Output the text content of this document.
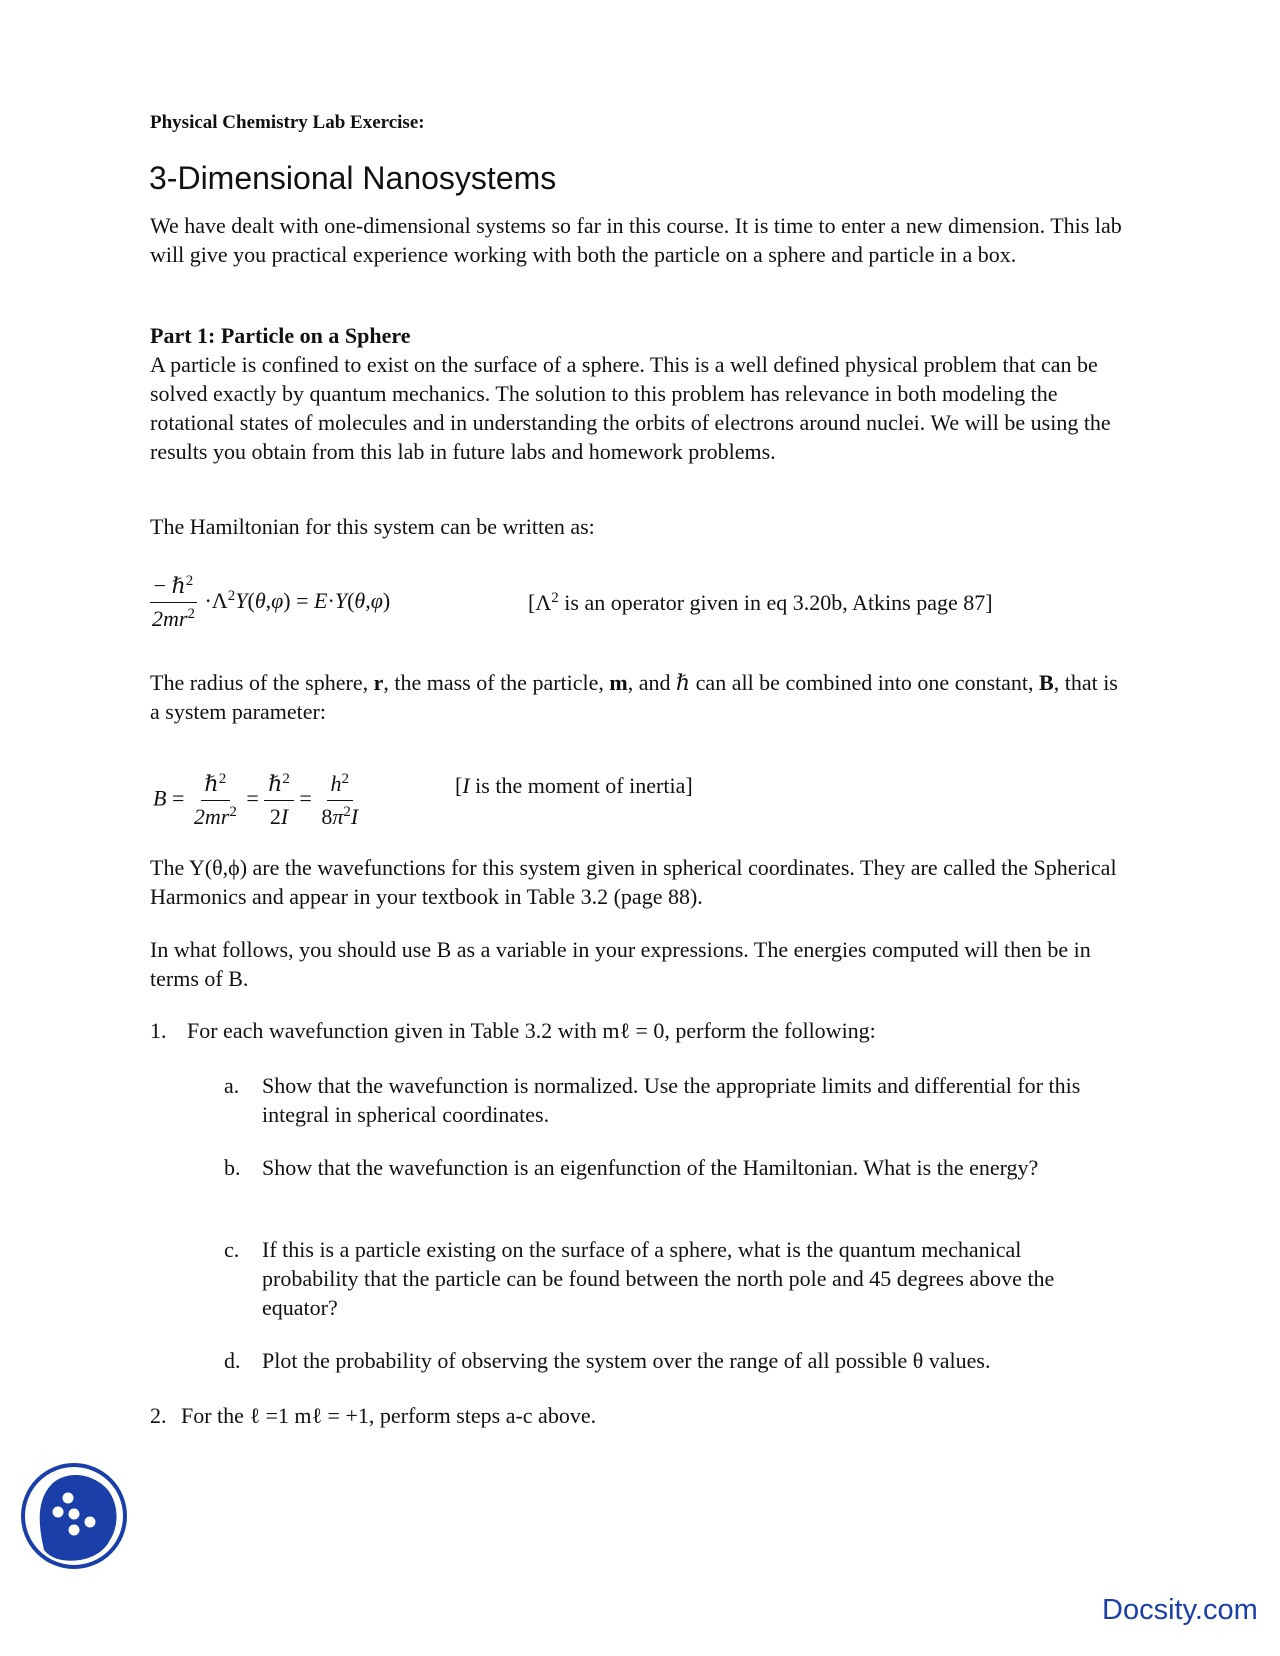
Physical Chemistry Lab Exercise:
3-Dimensional Nanosystems

We have dealt with one-dimensional systems so far in this course. It is time to enter a new dimension. This lab will give you practical experience working with both the particle on a sphere and particle in a box.

Part 1: Particle on a Sphere
A particle is confined to exist on the surface of a sphere. This is a well defined physical problem that can be solved exactly by quantum mechanics. The solution to this problem has relevance in both modeling the rotational states of molecules and in understanding the orbits of electrons around nuclei. We will be using the results you obtain from this lab in future labs and homework problems.

The Hamiltonian for this system can be written as:

$\frac{- \hbar^2}{2mr^2} \cdot\Lambda^2Y(\theta,\varphi) = E\cdot Y(\theta,\varphi)$	[$\Lambda^2$ is an operator given in eq 3.20b, Atkins page 87]

The radius of the sphere, r, the mass of the particle, m, and ℏ can all be combined into one constant, B, that is a system parameter:

$B = \frac{\hbar^2}{2mr^2} = \frac{\hbar^2}{2I} = \frac{h^2}{8\pi^2I}$	[I is the moment of inertia]

The Y(θ,ϕ) are the wavefunctions for this system given in spherical coordinates. They are called the Spherical Harmonics and appear in your textbook in Table 3.2 (page 88).

In what follows, you should use B as a variable in your expressions. The energies computed will then be in terms of B.

1. For each wavefunction given in Table 3.2 with mℓ = 0, perform the following:
a. Show that the wavefunction is normalized. Use the appropriate limits and differential for this integral in spherical coordinates.
b. Show that the wavefunction is an eigenfunction of the Hamiltonian. What is the energy?
c. If this is a particle existing on the surface of a sphere, what is the quantum mechanical probability that the particle can be found between the north pole and 45 degrees above the equator?
d. Plot the probability of observing the system over the range of all possible θ values.
2. For the ℓ =1 mℓ = +1, perform steps a-c above.
Docsity.com
